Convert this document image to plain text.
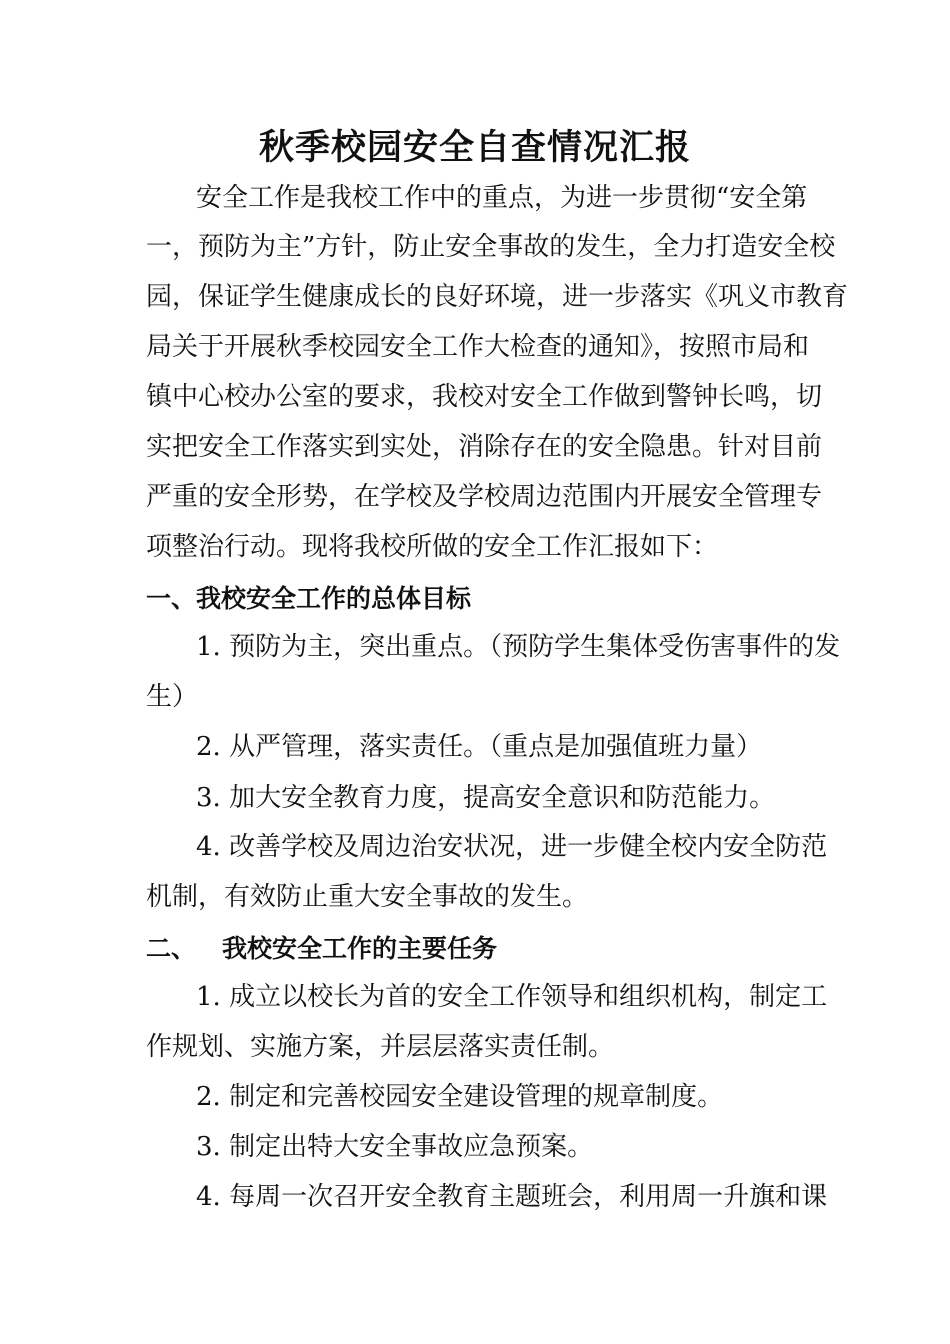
秋季校园安全自查情况汇报
安全工作是我校工作中的重点，为进一步贯彻“安全第
一，预防为主”方针，防止安全事故的发生，全力打造安全校
园，保证学生健康成长的良好环境，进一步落实《巩义市教育
局关于开展秋季校园安全工作大检查的通知》，按照市局和
镇中心校办公室的要求，我校对安全工作做到警钟长鸣，切
实把安全工作落实到实处，消除存在的安全隐患。针对目前
严重的安全形势，在学校及学校周边范围内开展安全管理专
项整治行动。现将我校所做的安全工作汇报如下：
一、我校安全工作的总体目标
1. 预防为主，突出重点。（预防学生集体受伤害事件的发
生）
2. 从严管理，落实责任。（重点是加强值班力量）
3. 加大安全教育力度，提高安全意识和防范能力。
4. 改善学校及周边治安状况，进一步健全校内安全防范
机制，有效防止重大安全事故的发生。
二、 我校安全工作的主要任务
1. 成立以校长为首的安全工作领导和组织机构，制定工
作规划、实施方案，并层层落实责任制。
2. 制定和完善校园安全建设管理的规章制度。
3. 制定出特大安全事故应急预案。
4. 每周一次召开安全教育主题班会，利用周一升旗和课
